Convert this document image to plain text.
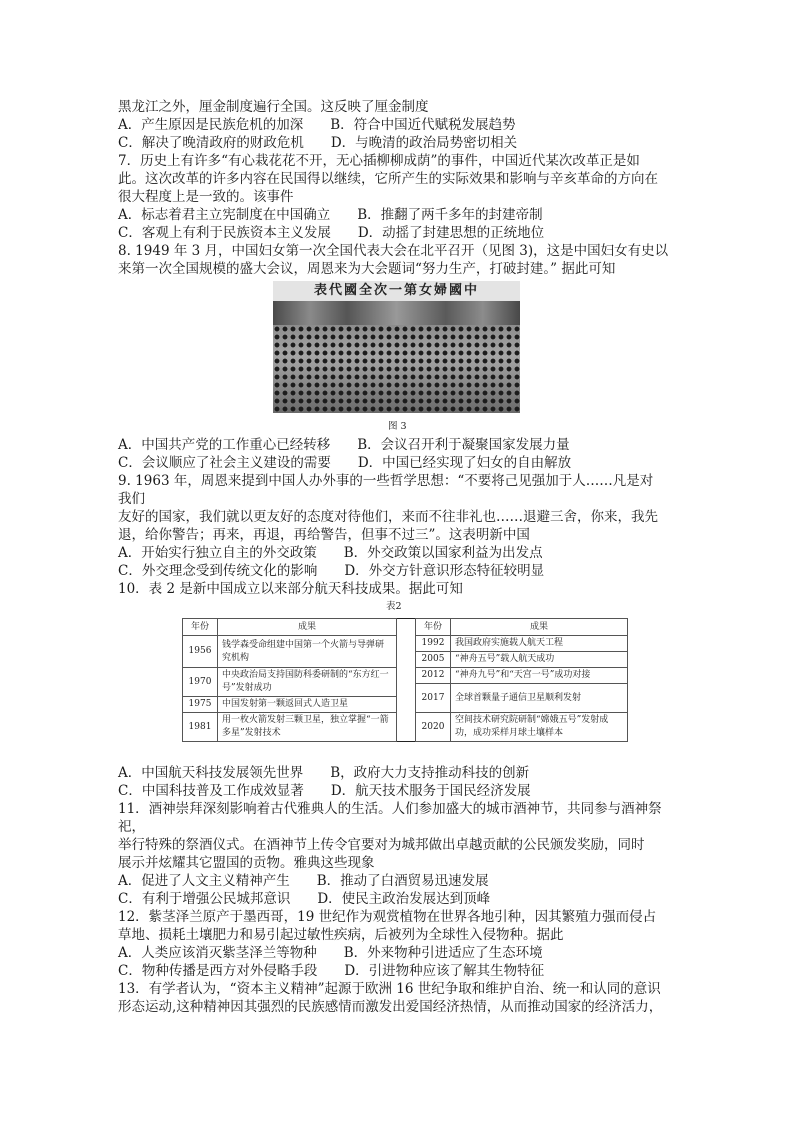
黑龙江之外，厘金制度遍行全国。这反映了厘金制度
A．产生原因是民族危机的加深　　B．符合中国近代赋税发展趋势
C．解决了晚清政府的财政危机　　D．与晚清的政治局势密切相关
7．历史上有许多“有心栽花花不开，无心插柳柳成荫”的事件，中国近代某次改革正是如
此。这次改革的许多内容在民国得以继续，它所产生的实际效果和影响与辛亥革命的方向在
很大程度上是一致的。该事件
A．标志着君主立宪制度在中国确立　　B．推翻了两千多年的封建帝制
C．客观上有利于民族资本主义发展　　D．动摇了封建思想的正统地位
8. 1949 年 3 月，中国妇女第一次全国代表大会在北平召开（见图 3)，这是中国妇女有史以
来第一次全国规模的盛大会议，周恩来为大会题词“努力生产，打破封建。” 据此可知
表代國全次一第女婦國中
图 3
A．中国共产党的工作重心已经转移　　B．会议召开利于凝聚国家发展力量
C．会议顺应了社会主义建设的需要　　D．中国已经实现了妇女的自由解放
9. 1963 年，周恩来提到中国人办外事的一些哲学思想：“不要将己见强加于人……凡是对
我们
友好的国家，我们就以更友好的态度对待他们，来而不往非礼也……退避三舍，你来，我先
退，给你警告；再来，再退，再给警告，但事不过三”。这表明新中国
A．开始实行独立自主的外交政策　　B．外交政策以国家利益为出发点
C．外交理念受到传统文化的影响　　D．外交方针意识形态特征较明显
10．表 2 是新中国成立以来部分航天科技成果。据此可知
表2
年份	成果		年份	成果
1956	钱学森受命组建中国第一个火箭与导弹研究机构		1992	我国政府实施载人航天工程
			2005	“神舟五号”载人航天成功
1970	中央政治局支持国防科委研制的“东方红一号”发射成功		2012	“神舟九号”和“天宫一号”成功对接
			2017	全球首颗量子通信卫星顺利发射
1975	中国发射第一颗返回式人造卫星			
1981	用一枚火箭发射三颗卫星，独立掌握“一箭多星”发射技术		2020	空间技术研究院研制“嫦娥五号”发射成功，成功采样月球土壤样本
A．中国航天科技发展领先世界　　B，政府大力支持推动科技的创新
C．中国科技普及工作成效显著　　D．航天技术服务于国民经济发展
11．酒神崇拜深刻影响着古代雅典人的生活。人们参加盛大的城市酒神节，共同参与酒神祭
祀，
举行特殊的祭酒仪式。在酒神节上传令官要对为城邦做出卓越贡献的公民颁发奖励，同时
展示并炫耀其它盟国的贡物。雅典这些现象
A．促进了人文主义精神产生　　B．推动了白酒贸易迅速发展
C．有利于增强公民城邦意识　　D．使民主政治发展达到顶峰
12．紫茎泽兰原产于墨西哥，19 世纪作为观赏植物在世界各地引种，因其繁殖力强而侵占
草地、损耗土壤肥力和易引起过敏性疾病，后被列为全球性入侵物种。据此
A．人类应该消灭紫茎泽兰等物种　　B．外来物种引进适应了生态环境
C．物种传播是西方对外侵略手段　　D．引进物种应该了解其生物特征
13．有学者认为，“资本主义精神”起源于欧洲 16 世纪争取和维护自治、统一和认同的意识
形态运动,这种精神因其强烈的民族感情而激发出爱国经济热情，从而推动国家的经济活力，
